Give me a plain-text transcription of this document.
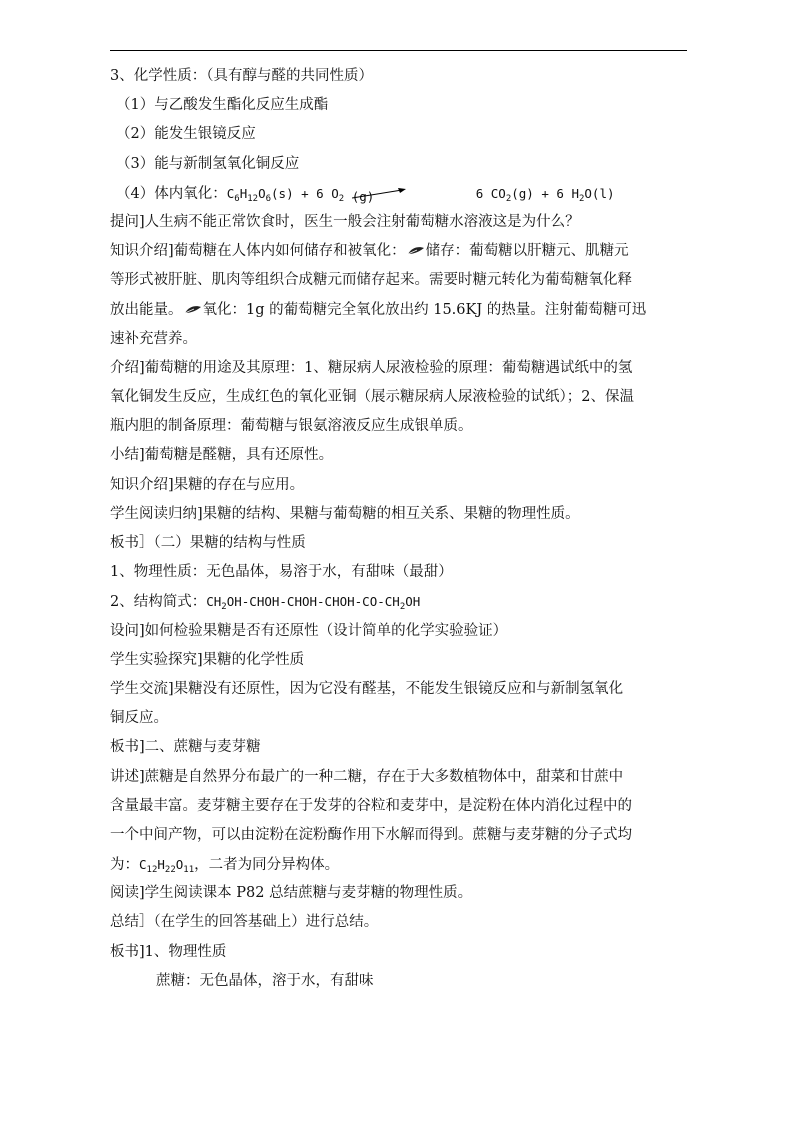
3、化学性质：（具有醇与醛的共同性质）
（1）与乙酸发生酯化反应生成酯
（2）能发生银镜反应
（3）能与新制氢氧化铜反应
（4）体内氧化：$C_6H_{12}O_6(s) + 6$ $O_2$ (g)	6 $CO_2(g) + 6$ $H_2O(l)$
提问]人生病不能正常饮食时，医生一般会注射葡萄糖水溶液这是为什么？
知识介绍]葡萄糖在人体内如何储存和被氧化： 储存：葡萄糖以肝糖元、肌糖元
等形式被肝脏、肌肉等组织合成糖元而储存起来。需要时糖元转化为葡萄糖氧化释
放出能量。 氧化：1g 的葡萄糖完全氧化放出约 15.6KJ 的热量。注射葡萄糖可迅
速补充营养。
介绍]葡萄糖的用途及其原理：1、糖尿病人尿液检验的原理：葡萄糖遇试纸中的氢
氧化铜发生反应，生成红色的氧化亚铜（展示糖尿病人尿液检验的试纸）；2、保温
瓶内胆的制备原理：葡萄糖与银氨溶液反应生成银单质。
小结]葡萄糖是醛糖，具有还原性。
知识介绍]果糖的存在与应用。
学生阅读归纳]果糖的结构、果糖与葡萄糖的相互关系、果糖的物理性质。
板书］（二）果糖的结构与性质
1、物理性质：无色晶体，易溶于水，有甜味（最甜）
2、结构简式：$CH_2OH-CHOH-CHOH-CHOH-CO-CH_2OH$
设问]如何检验果糖是否有还原性（设计简单的化学实验验证）
学生实验探究]果糖的化学性质
学生交流]果糖没有还原性，因为它没有醛基，不能发生银镜反应和与新制氢氧化
铜反应。
板书]二、蔗糖与麦芽糖
讲述]蔗糖是自然界分布最广的一种二糖，存在于大多数植物体中，甜菜和甘蔗中
含量最丰富。麦芽糖主要存在于发芽的谷粒和麦芽中，是淀粉在体内消化过程中的
一个中间产物，可以由淀粉在淀粉酶作用下水解而得到。蔗糖与麦芽糖的分子式均
为：$C_{12}H_{22}O_{11}$，二者为同分异构体。
阅读]学生阅读课本 P82 总结蔗糖与麦芽糖的物理性质。
总结］（在学生的回答基础上）进行总结。
板书]1、物理性质
蔗糖：无色晶体，溶于水，有甜味
